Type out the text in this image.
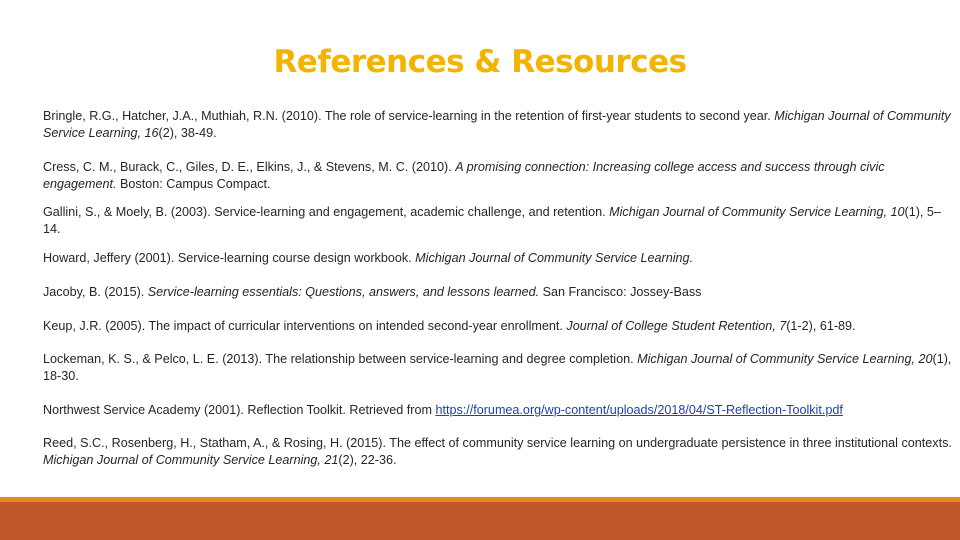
References & Resources
Bringle, R.G., Hatcher, J.A., Muthiah, R.N. (2010). The role of service-learning in the retention of first-year students to second year. Michigan Journal of Community Service Learning, 16(2), 38-49.
Cress, C. M., Burack, C., Giles, D. E., Elkins, J., & Stevens, M. C. (2010). A promising connection: Increasing college access and success through civic engagement. Boston: Campus Compact.
Gallini, S., & Moely, B. (2003). Service-learning and engagement, academic challenge, and retention. Michigan Journal of Community Service Learning, 10(1), 5–14.
Howard, Jeffery (2001). Service-learning course design workbook. Michigan Journal of Community Service Learning.
Jacoby, B. (2015). Service-learning essentials: Questions, answers, and lessons learned. San Francisco: Jossey-Bass
Keup, J.R. (2005). The impact of curricular interventions on intended second-year enrollment. Journal of College Student Retention, 7(1-2), 61-89.
Lockeman, K. S., & Pelco, L. E. (2013). The relationship between service-learning and degree completion. Michigan Journal of Community Service Learning, 20(1), 18-30.
Northwest Service Academy (2001). Reflection Toolkit. Retrieved from https://forumea.org/wp-content/uploads/2018/04/ST-Reflection-Toolkit.pdf
Reed, S.C., Rosenberg, H., Statham, A., & Rosing, H. (2015). The effect of community service learning on undergraduate persistence in three institutional contexts. Michigan Journal of Community Service Learning, 21(2), 22-36.
